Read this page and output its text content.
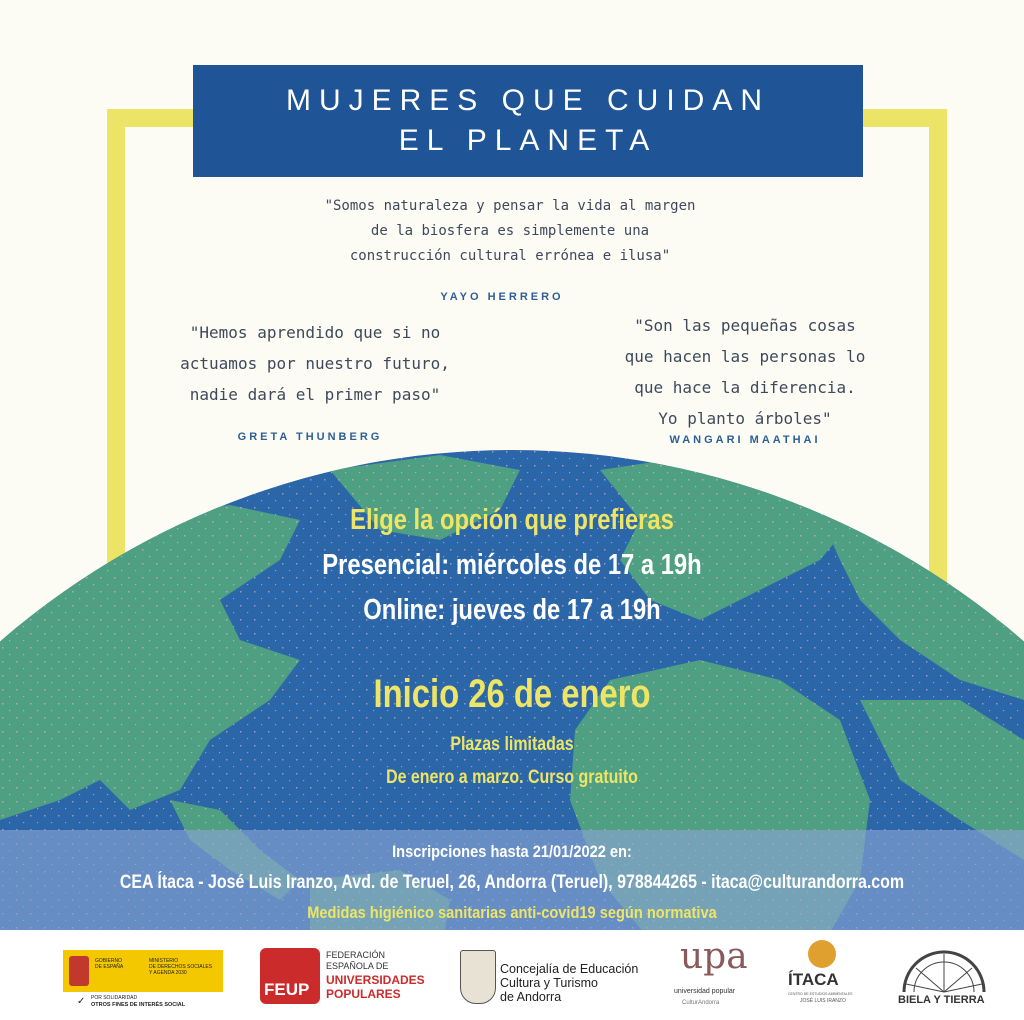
MUJERES QUE CUIDAN
EL PLANETA
"Somos naturaleza y pensar la vida al margen
de la biosfera es simplemente una
construcción cultural errónea e ilusa"
YAYO HERRERO
"Hemos aprendido que si no
actuamos por nuestro futuro,
nadie dará el primer paso"
GRETA THUNBERG
"Son las pequeñas cosas
que hacen las personas lo
que hace la diferencia.
Yo planto árboles"
WANGARI MAATHAI
Elige la opción que prefieras
Presencial: miércoles de 17 a 19h
Online: jueves de 17 a 19h
Inicio 26 de enero
Plazas limitadas
De enero a marzo. Curso gratuito
Inscripciones hasta 21/01/2022 en:
CEA Ítaca - José Luis Iranzo, Avd. de Teruel, 26, Andorra (Teruel), 978844265 - itaca@culturandorra.com
Medidas higiénico sanitarias anti-covid19 según normativa
GOBIERNO
DE ESPAÑA
MINISTERIO
DE DERECHOS SOCIALES
Y AGENDA 2030
POR SOLIDARIDAD
OTROS FINES DE INTERÉS SOCIAL
✓
FEUP
FEDERACIÓN
ESPAÑOLA DE
UNIVERSIDADES
POPULARES
Concejalía de Educación
Cultura y Turismo
de Andorra
upa
universidad popular
CulturAndorra
ÍTACA
CENTRO DE ESTUDIOS AMBIENTALES
JOSÉ LUIS IRANZO	BIELA Y TIERRA
